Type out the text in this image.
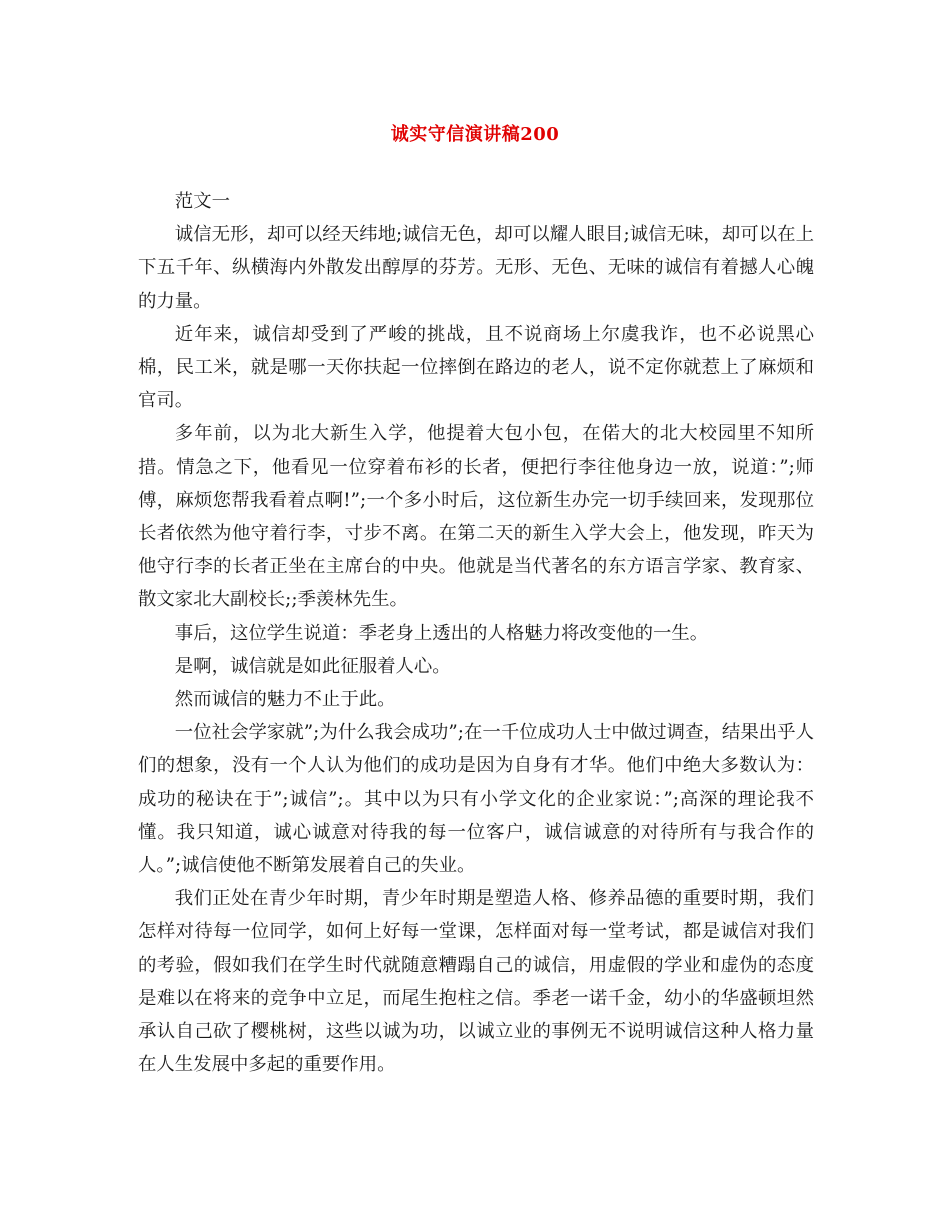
诚实守信演讲稿200

范文一

诚信无形，却可以经天纬地;诚信无色，却可以耀人眼目;诚信无味，却可以在上下五千年、纵横海内外散发出醇厚的芬芳。无形、无色、无味的诚信有着撼人心魄的力量。

近年来，诚信却受到了严峻的挑战，且不说商场上尔虞我诈，也不必说黑心棉，民工米，就是哪一天你扶起一位摔倒在路边的老人，说不定你就惹上了麻烦和官司。

多年前，以为北大新生入学，他提着大包小包，在偌大的北大校园里不知所措。情急之下，他看见一位穿着布衫的长者，便把行李往他身边一放，说道：”;师傅，麻烦您帮我看着点啊!”;一个多小时后，这位新生办完一切手续回来，发现那位长者依然为他守着行李，寸步不离。在第二天的新生入学大会上，他发现，昨天为他守行李的长者正坐在主席台的中央。他就是当代著名的东方语言学家、教育家、散文家北大副校长;;季羡林先生。

事后，这位学生说道：季老身上透出的人格魅力将改变他的一生。

是啊，诚信就是如此征服着人心。

然而诚信的魅力不止于此。

一位社会学家就”;为什么我会成功”;在一千位成功人士中做过调查，结果出乎人们的想象，没有一个人认为他们的成功是因为自身有才华。他们中绝大多数认为：成功的秘诀在于”;诚信”;。其中以为只有小学文化的企业家说：”;高深的理论我不懂。我只知道，诚心诚意对待我的每一位客户，诚信诚意的对待所有与我合作的人。”;诚信使他不断第发展着自己的失业。

我们正处在青少年时期，青少年时期是塑造人格、修养品德的重要时期，我们怎样对待每一位同学，如何上好每一堂课，怎样面对每一堂考试，都是诚信对我们的考验，假如我们在学生时代就随意糟蹋自己的诚信，用虚假的学业和虚伪的态度是难以在将来的竞争中立足，而尾生抱柱之信。季老一诺千金，幼小的华盛顿坦然承认自己砍了樱桃树，这些以诚为功，以诚立业的事例无不说明诚信这种人格力量在人生发展中多起的重要作用。
